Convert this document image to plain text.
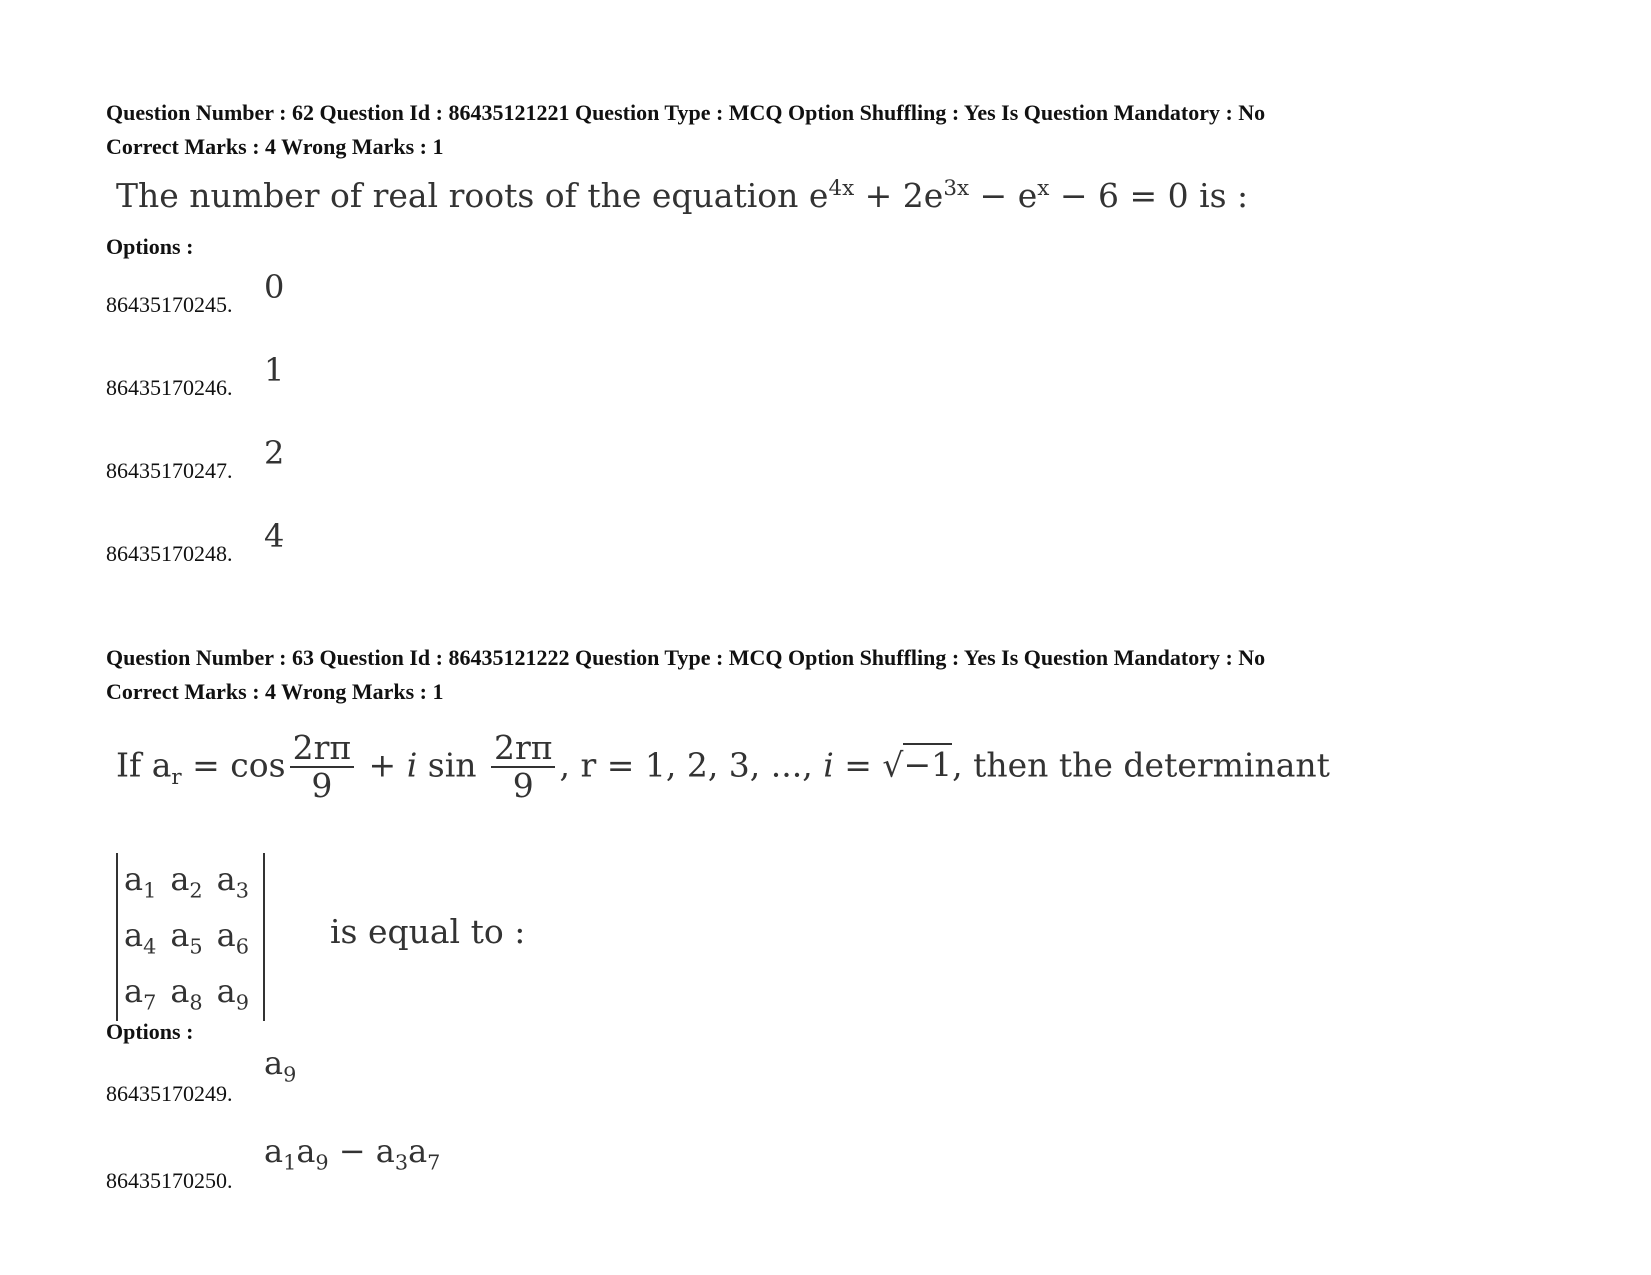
Question Number : 62 Question Id : 86435121221 Question Type : MCQ Option Shuffling : Yes Is Question Mandatory : No
Correct Marks : 4 Wrong Marks : 1
The number of real roots of the equation $e^{4x} + 2e^{3x} - e^x - 6 = 0$ is :
Options :
86435170245. 0
86435170246. 1
86435170247. 2
86435170248. 4
Question Number : 63 Question Id : 86435121222 Question Type : MCQ Option Shuffling : Yes Is Question Mandatory : No
Correct Marks : 4 Wrong Marks : 1
If $a_r = \cos \frac{2r\pi}{9} + i$ $\sin \frac{2r\pi}{9}$ , r = 1, 2, 3, ..., i = √−1, then the determinant
$a_1$	$a_2$	$a_3$
$a_4$	$a_5$	$a_6$
$a_7$	$a_8$	$a_9$
is equal to :
Options :
86435170249.
$a_9$
86435170250.
$a_1a_9 - a_3a_7$
